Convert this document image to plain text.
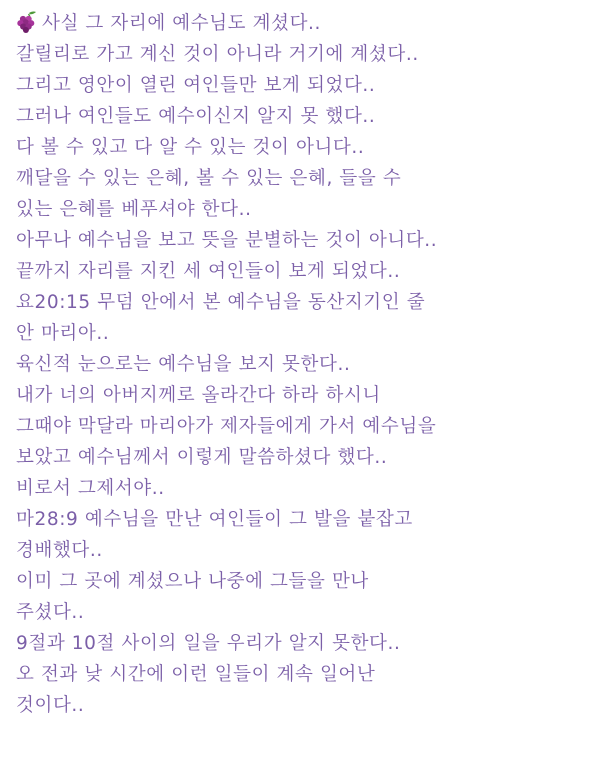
사실 그 자리에 예수님도 계셨다..
갈릴리로 가고 계신 것이 아니라 거기에 계셨다..
그리고 영안이 열린 여인들만 보게 되었다..
그러나 여인들도 예수이신지 알지 못 했다..
다 볼 수 있고 다 알 수 있는 것이 아니다..
깨달을 수 있는 은혜, 볼 수 있는 은혜, 들을 수
있는 은혜를 베푸셔야 한다..
아무나 예수님을 보고 뜻을 분별하는 것이 아니다..
끝까지 자리를 지킨 세 여인들이 보게 되었다..
요20:15 무덤 안에서 본 예수님을 동산지기인 줄
안 마리아..
육신적 눈으로는 예수님을 보지 못한다..
내가 너의 아버지께로 올라간다 하라 하시니
그때야 막달라 마리아가 제자들에게 가서 예수님을
보았고 예수님께서 이렇게 말씀하셨다 했다..
비로서 그제서야..
마28:9 예수님을 만난 여인들이 그 발을 붙잡고
경배했다..
이미 그 곳에 계셨으나 나중에 그들을 만나
주셨다..
9절과 10절 사이의 일을 우리가 알지 못한다..
오 전과 낮 시간에 이런 일들이 계속 일어난
것이다..
